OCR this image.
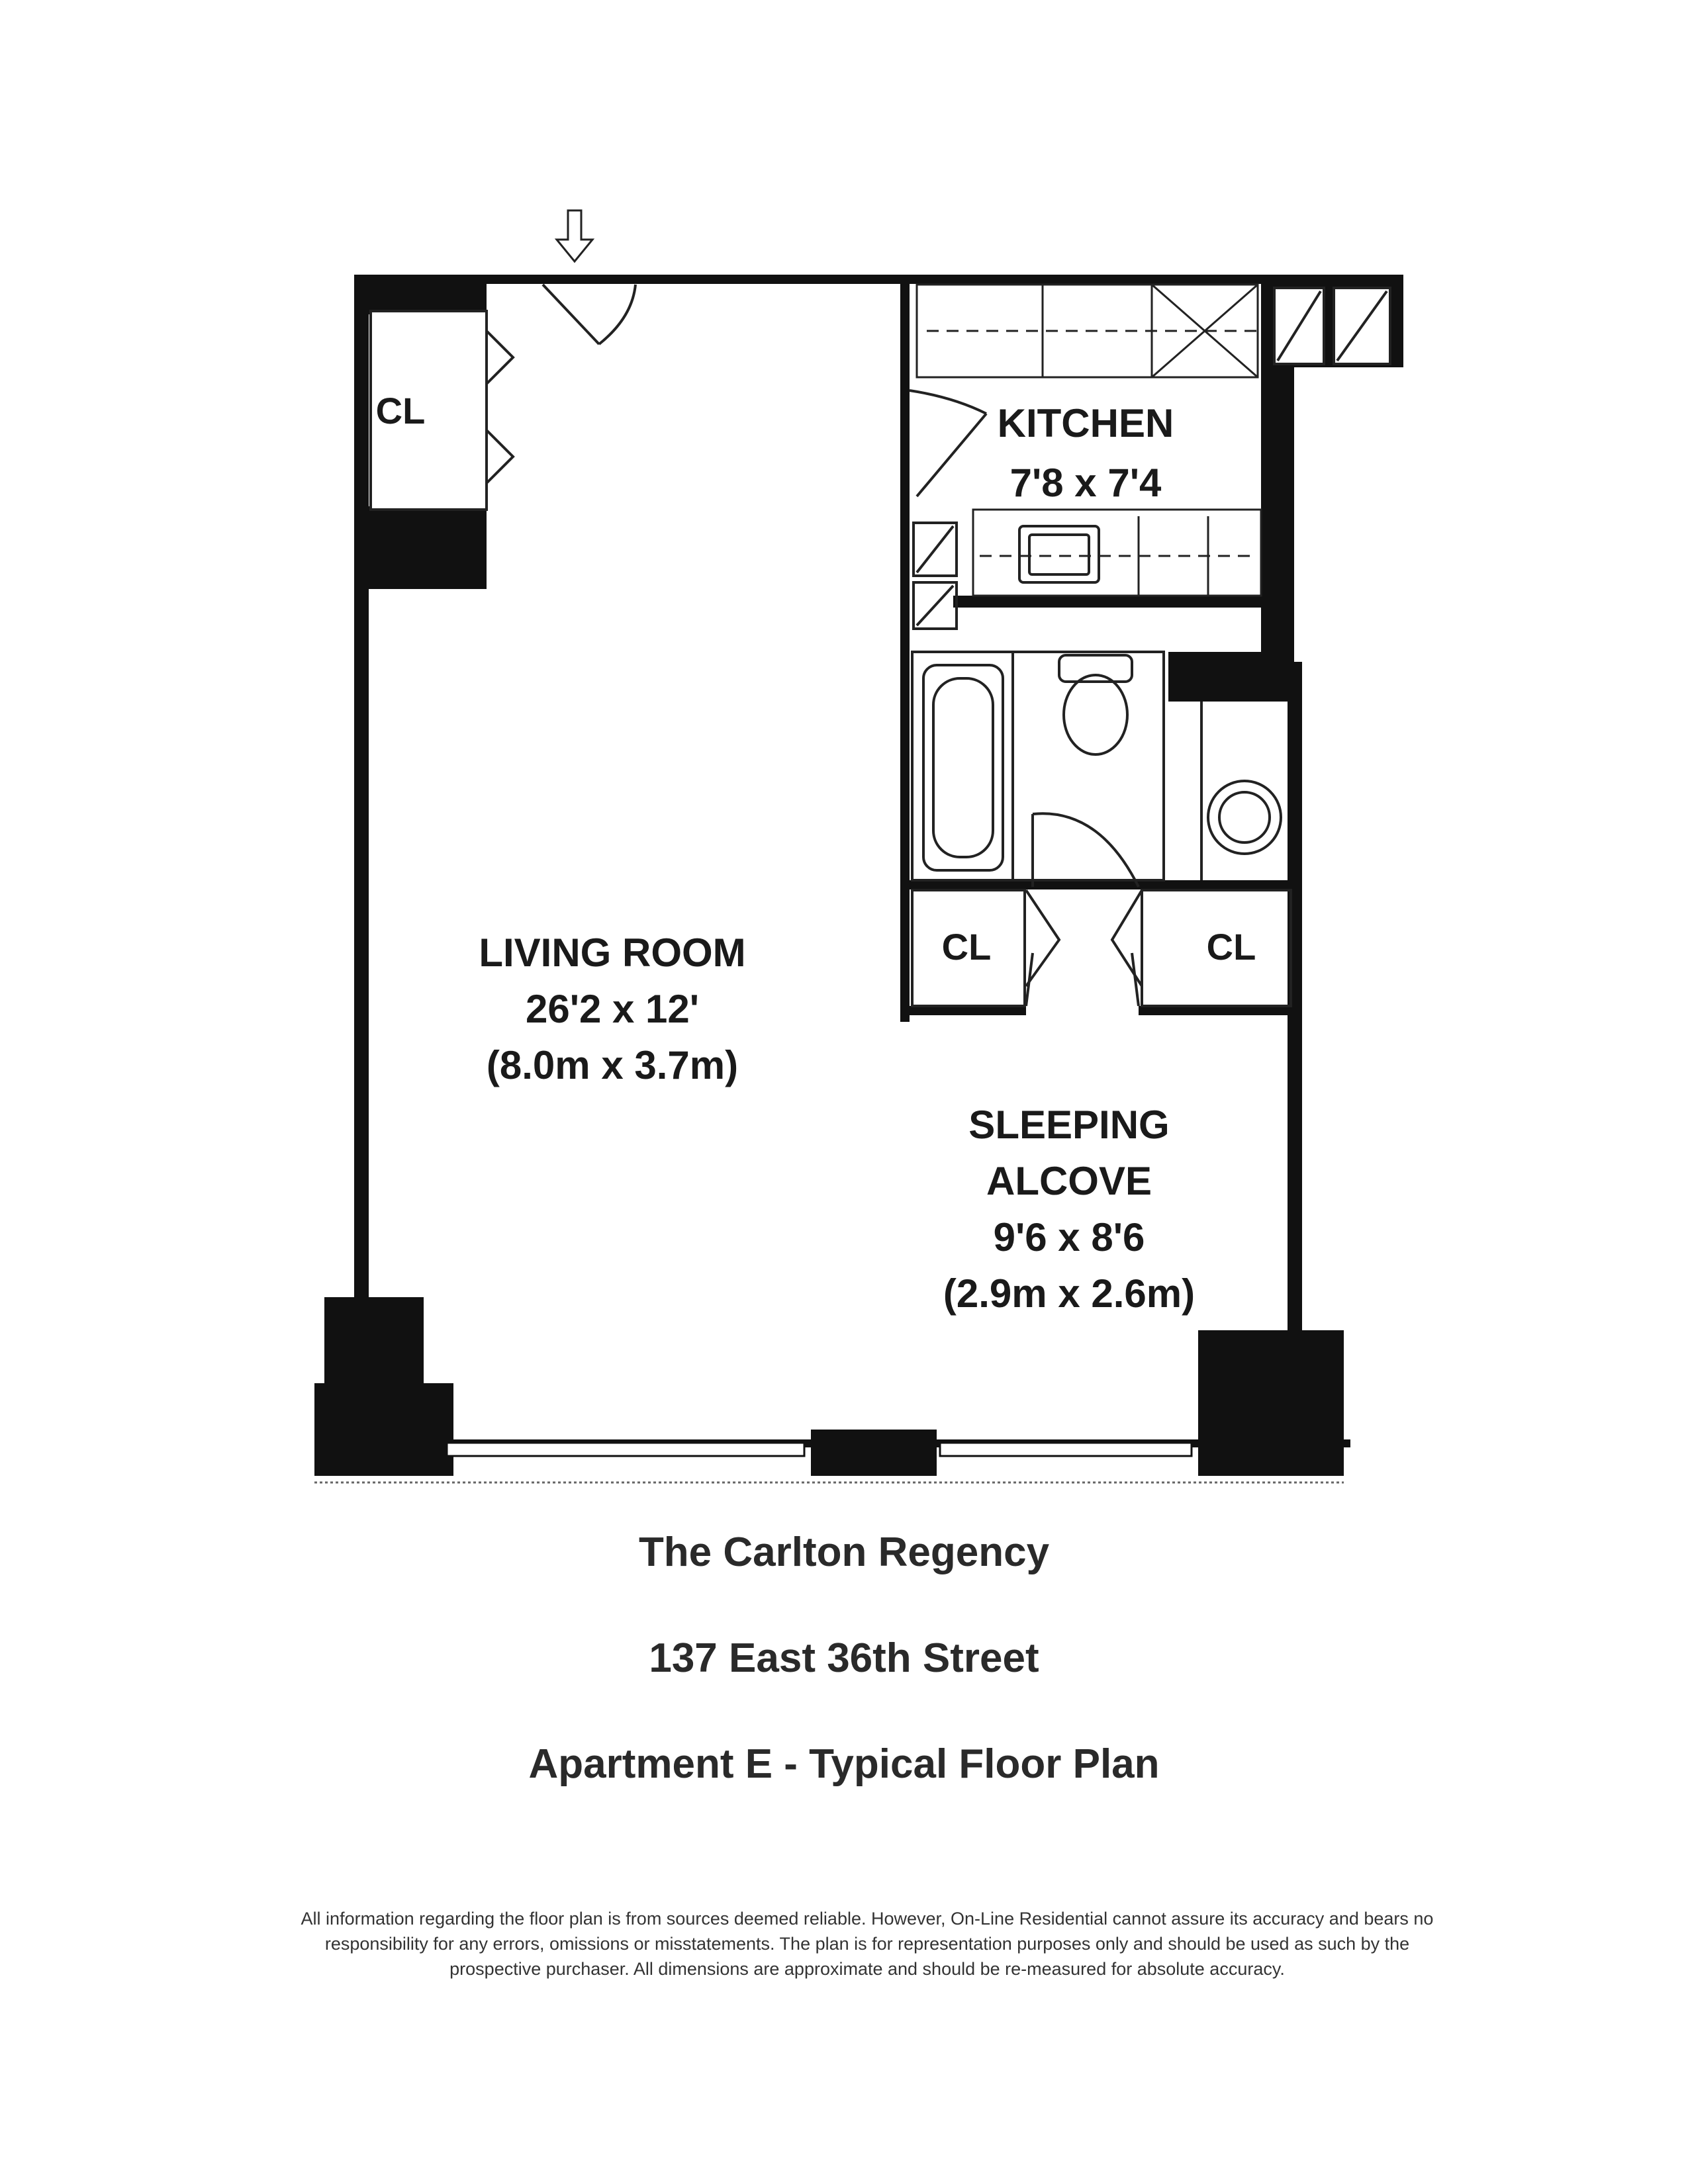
CL	KITCHEN
7'8 x 7'4
CL	CL
LIVING ROOM
26'2 x 12'
(8.0m x 3.7m)
SLEEPING
ALCOVE
9'6 x 8'6
(2.9m x 2.6m)
The Carlton Regency
137 East 36th Street
Apartment E - Typical Floor Plan
All information regarding the floor plan is from sources deemed reliable. However, On-Line Residential cannot assure its accuracy and bears no responsibility for any errors, omissions or misstatements. The plan is for representation purposes only and should be used as such by the prospective purchaser. All dimensions are approximate and should be re-measured for absolute accuracy.
